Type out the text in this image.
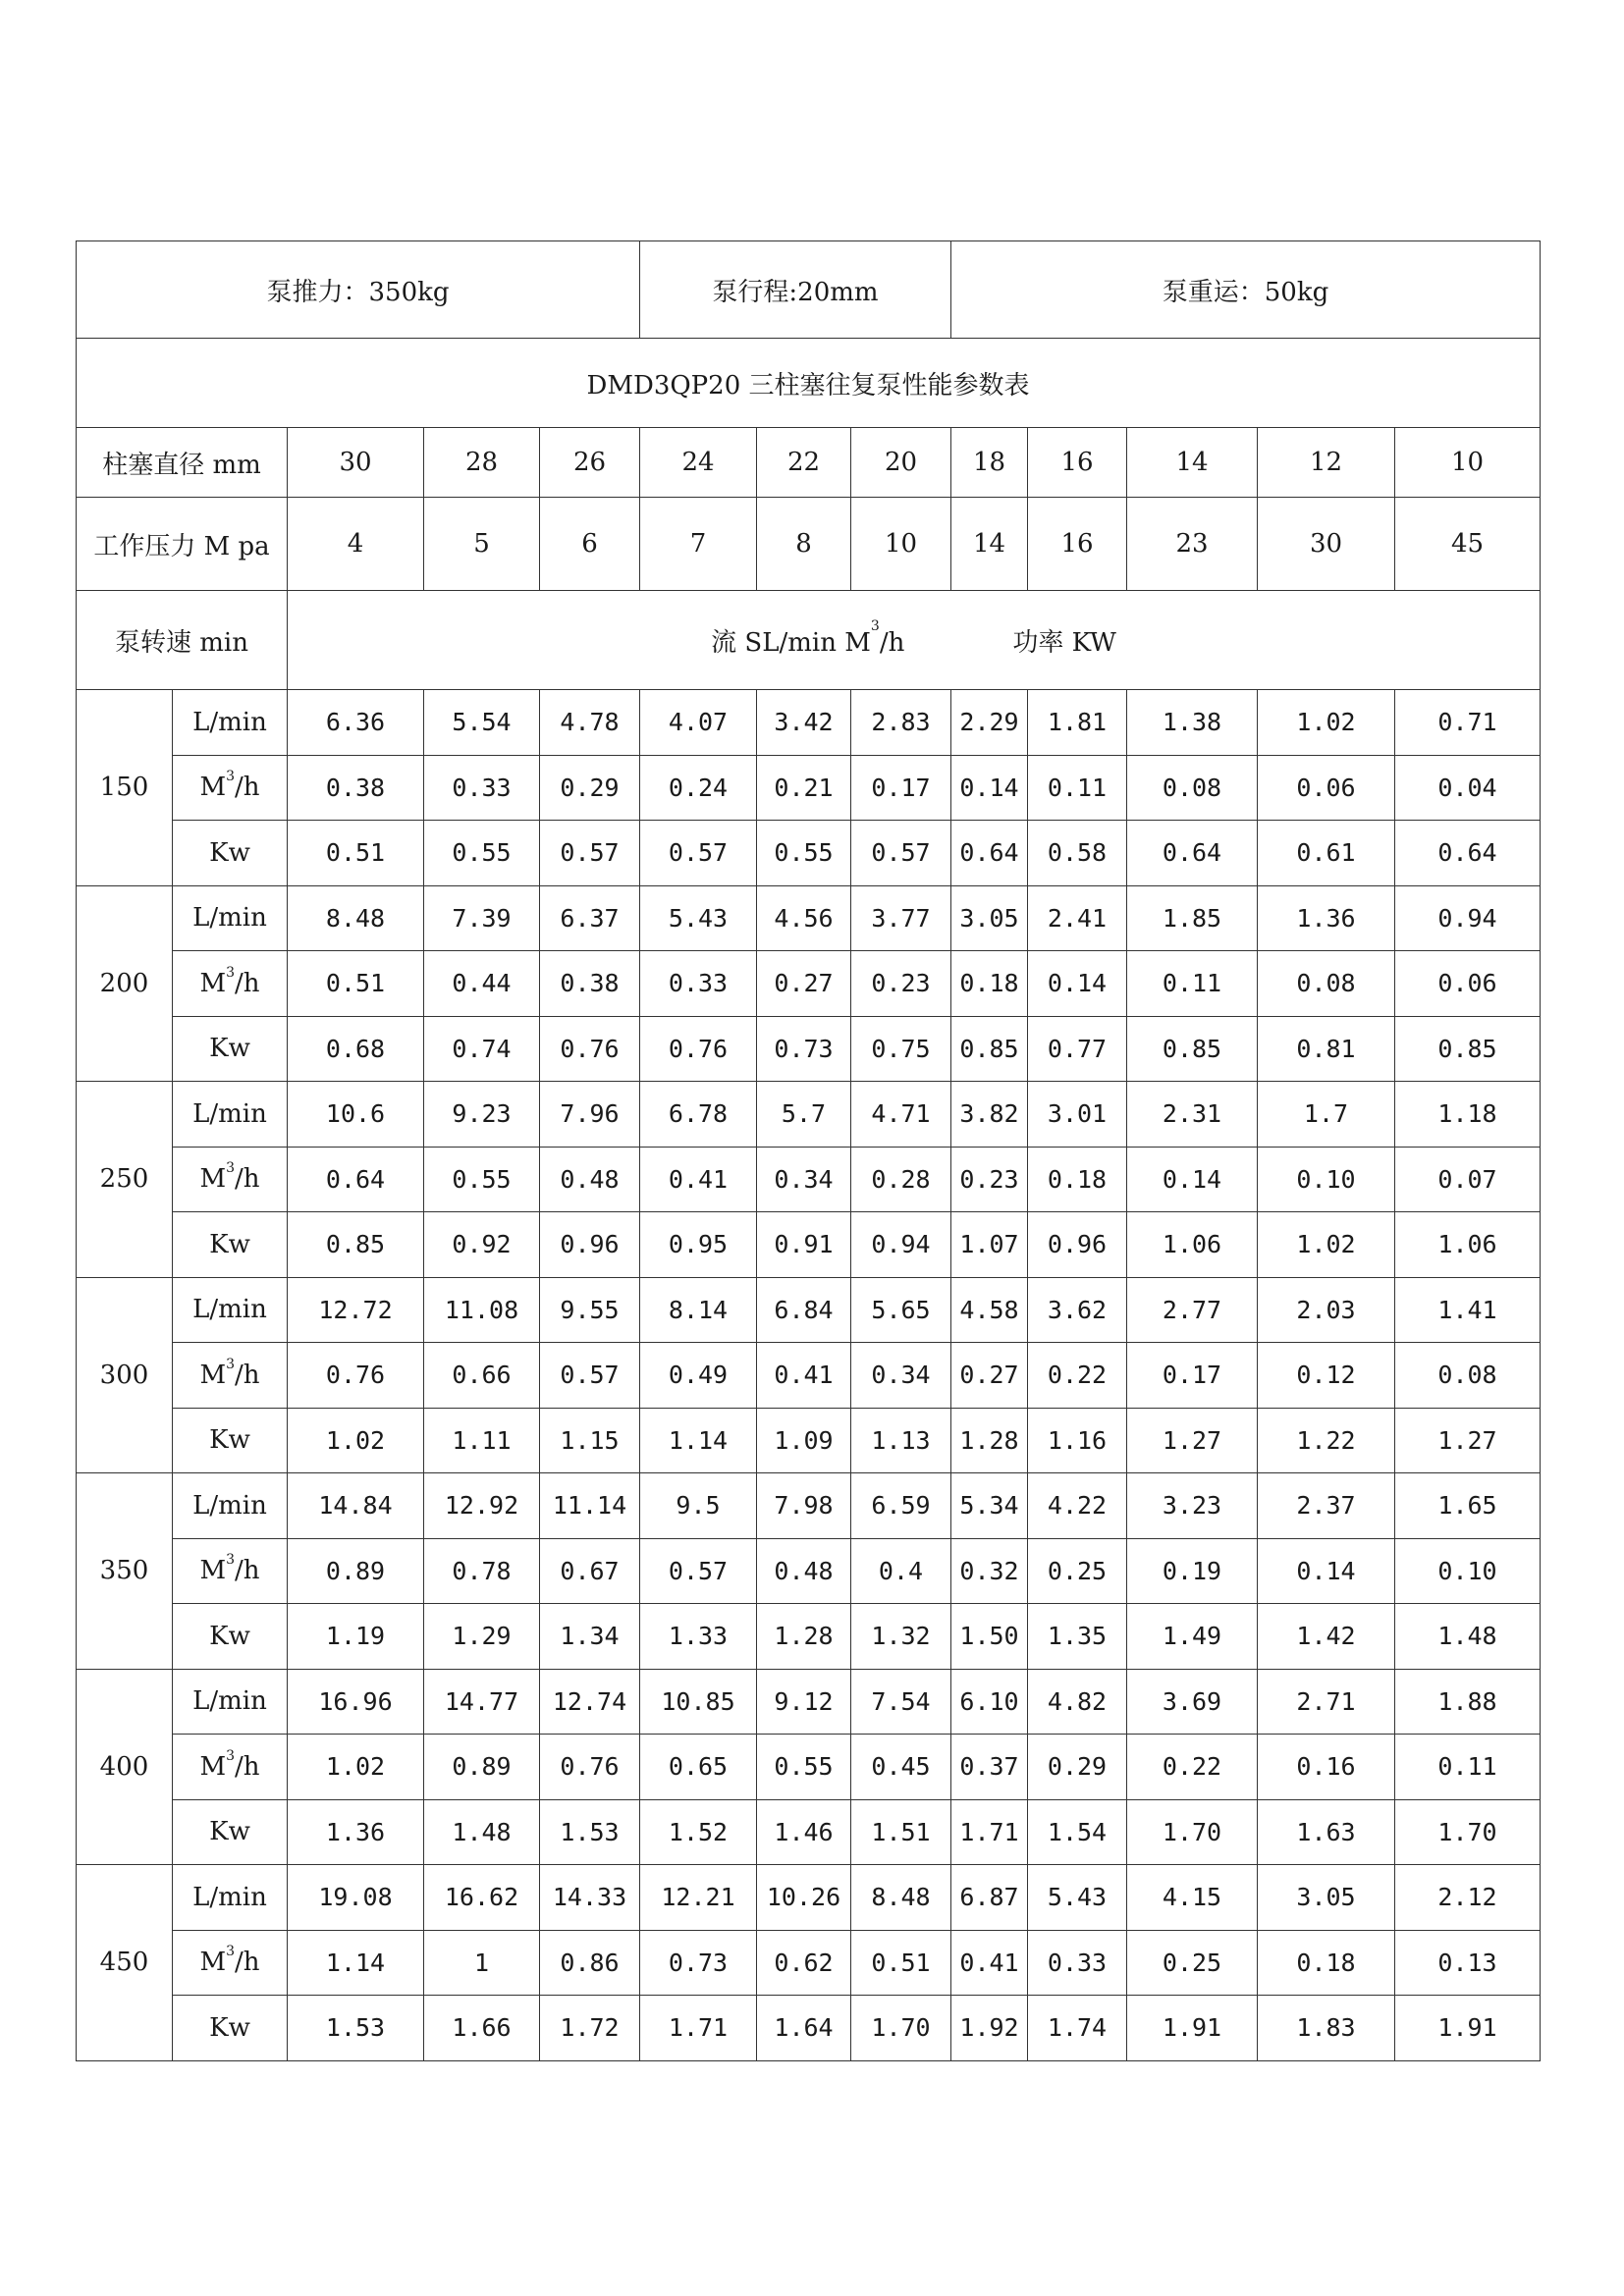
泵推力：350kg					泵行程:20mm			泵重运：50kg				
DMD3QP20 三柱塞往复泵性能参数表												
柱塞直径 mm		30	28	26	24	22	20	18	16	14	12	10
工作压力 M pa		4	5	6	7	8	10	14	16	23	30	45
泵转速 min		流 SL/min $M^3/h$ 功率 KW										
150	L/min	6.36	5.54	4.78	4.07	3.42	2.83	2.29	1.81	1.38	1.02	0.71
	$M^3/h$	0.38	0.33	0.29	0.24	0.21	0.17	0.14	0.11	0.08	0.06	0.04
	Kw	0.51	0.55	0.57	0.57	0.55	0.57	0.64	0.58	0.64	0.61	0.64
200	L/min	8.48	7.39	6.37	5.43	4.56	3.77	3.05	2.41	1.85	1.36	0.94
	$M^3/h$	0.51	0.44	0.38	0.33	0.27	0.23	0.18	0.14	0.11	0.08	0.06
	Kw	0.68	0.74	0.76	0.76	0.73	0.75	0.85	0.77	0.85	0.81	0.85
250	L/min	10.6	9.23	7.96	6.78	5.7	4.71	3.82	3.01	2.31	1.7	1.18
	$M^3/h$	0.64	0.55	0.48	0.41	0.34	0.28	0.23	0.18	0.14	0.10	0.07
	Kw	0.85	0.92	0.96	0.95	0.91	0.94	1.07	0.96	1.06	1.02	1.06
300	L/min	12.72	11.08	9.55	8.14	6.84	5.65	4.58	3.62	2.77	2.03	1.41
	$M^3/h$	0.76	0.66	0.57	0.49	0.41	0.34	0.27	0.22	0.17	0.12	0.08
	Kw	1.02	1.11	1.15	1.14	1.09	1.13	1.28	1.16	1.27	1.22	1.27
350	L/min	14.84	12.92	11.14	9.5	7.98	6.59	5.34	4.22	3.23	2.37	1.65
	$M^3/h$	0.89	0.78	0.67	0.57	0.48	0.4	0.32	0.25	0.19	0.14	0.10
	Kw	1.19	1.29	1.34	1.33	1.28	1.32	1.50	1.35	1.49	1.42	1.48
400	L/min	16.96	14.77	12.74	10.85	9.12	7.54	6.10	4.82	3.69	2.71	1.88
	$M^3/h$	1.02	0.89	0.76	0.65	0.55	0.45	0.37	0.29	0.22	0.16	0.11
	Kw	1.36	1.48	1.53	1.52	1.46	1.51	1.71	1.54	1.70	1.63	1.70
450	L/min	19.08	16.62	14.33	12.21	10.26	8.48	6.87	5.43	4.15	3.05	2.12
	$M^3/h$	1.14	1	0.86	0.73	0.62	0.51	0.41	0.33	0.25	0.18	0.13
	Kw	1.53	1.66	1.72	1.71	1.64	1.70	1.92	1.74	1.91	1.83	1.91
